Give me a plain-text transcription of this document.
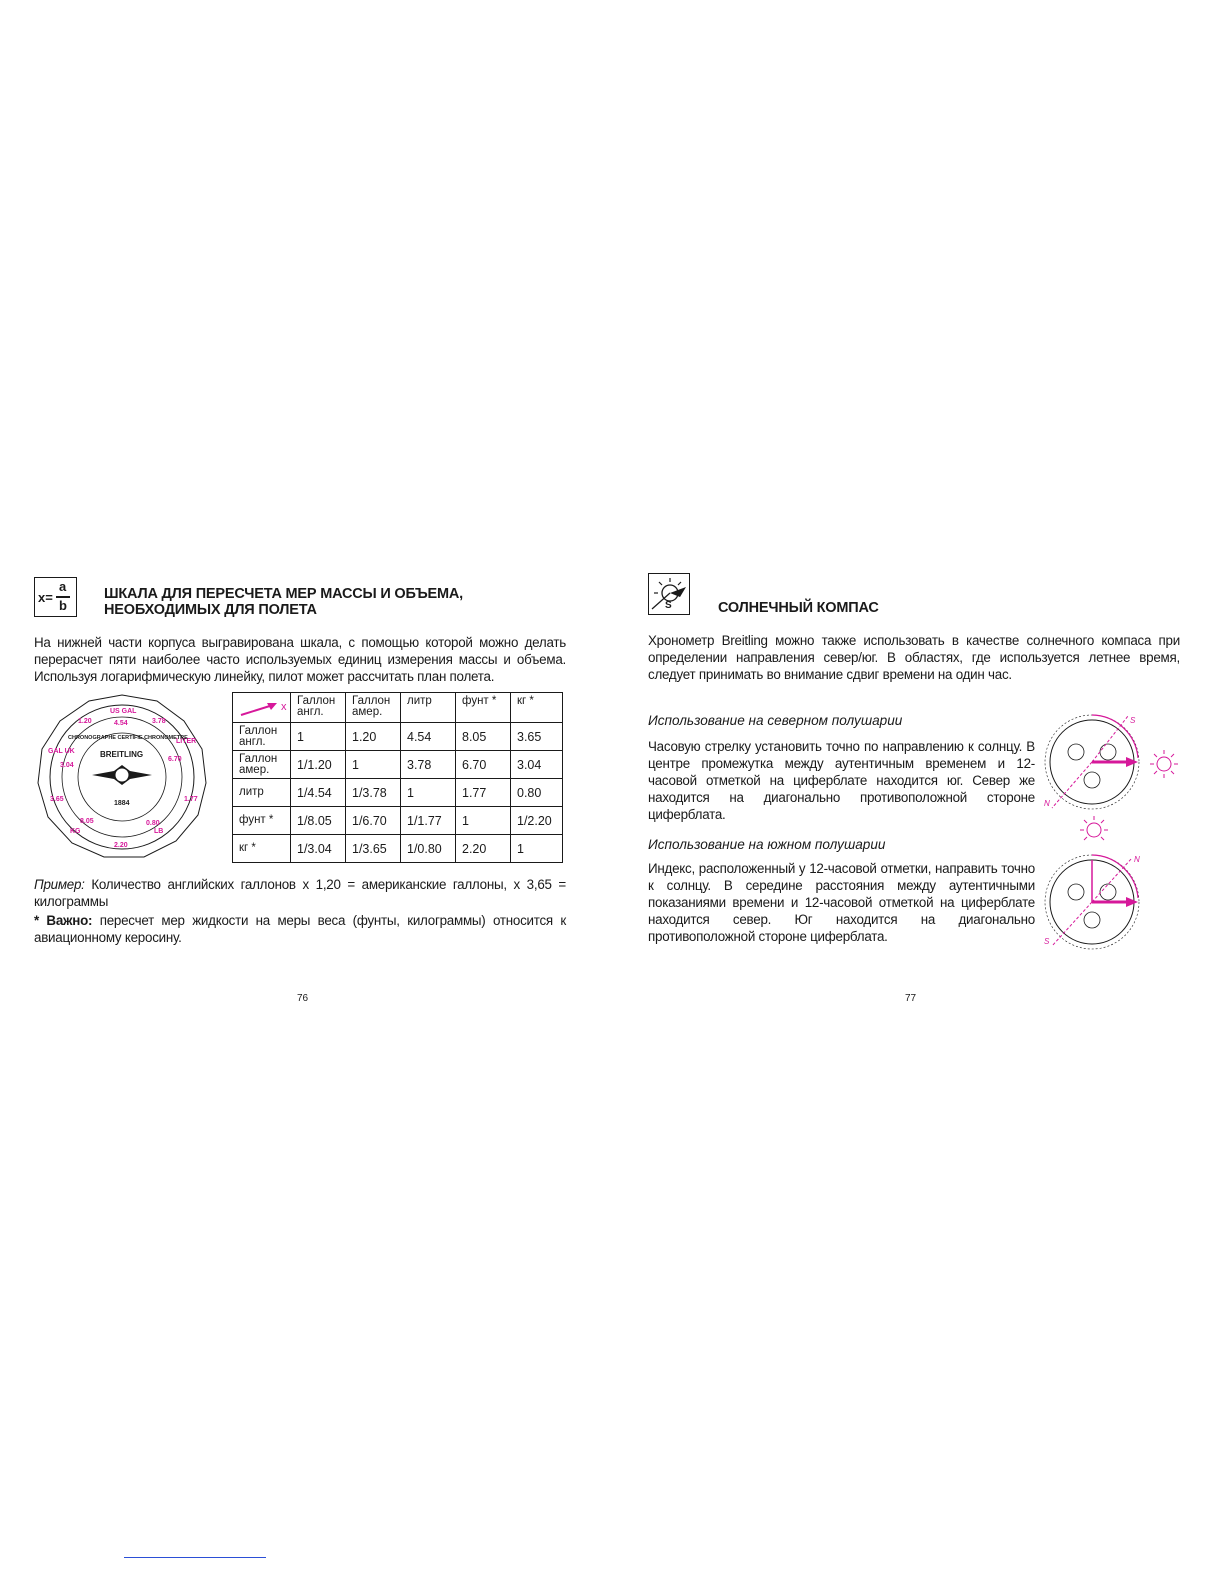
x=
a
b
ШКАЛА ДЛЯ ПЕРЕСЧЕТА МЕР МАССЫ И ОБЪЕМА,
НЕОБХОДИМЫХ ДЛЯ ПОЛЕТА
На нижней части корпуса выгравирована шкала, с помощью которой можно делать перерасчет пяти наиболее часто используемых единиц измерения массы и объема. Используя логарифмическую линейку, пилот может рассчитать план полета.
US GAL
4.54
1.20	3.78
LITER
6.70
1.77
LB
0.80
2.20
KG
8.05
3.65
GAL UK
3.04
CHRONOGRAPHE CERTIFIE CHRONOMETRE
BREITLING
1884
x	Галлон англ.	Галлон амер.	литр	фунт *	кг *
Галлон англ.	1	1.20	4.54	8.05	3.65
Галлон амер.	1/1.20	1	3.78	6.70	3.04
литр	1/4.54	1/3.78	1	1.77	0.80
фунт *	1/8.05	1/6.70	1/1.77	1	1/2.20
кг *	1/3.04	1/3.65	1/0.80	2.20	1
Пример: Количество английских галлонов x 1,20 = американские галлоны, x 3,65 = килограммы
* Важно: пересчет мер жидкости на меры веса (фунты, килограммы) относится к авиационному керосину.
76
S	СОЛНЕЧНЫЙ КОМПАС
Хронометр Breitling можно также использовать в качестве солнечного компаса при определении направления север/юг. В областях, где используется летнее время, следует принимать во внимание сдвиг времени на один час.
Использование на северном полушарии
Часовую стрелку установить точно по направлению к солнцу. В центре промежутка между аутентичным временем и 12-часовой отметкой на циферблате находится юг. Север же находится на диагонально противоположной стороне циферблата.
S
N
Использование на южном полушарии
Индекс, расположенный у 12-часовой отметки, направить точно к солнцу. В середине расстояния между аутентичными показаниями времени и 12-часовой отметкой на циферблате находится север. Юг находится на диагонально противоположной стороне циферблата.
N
S
77
